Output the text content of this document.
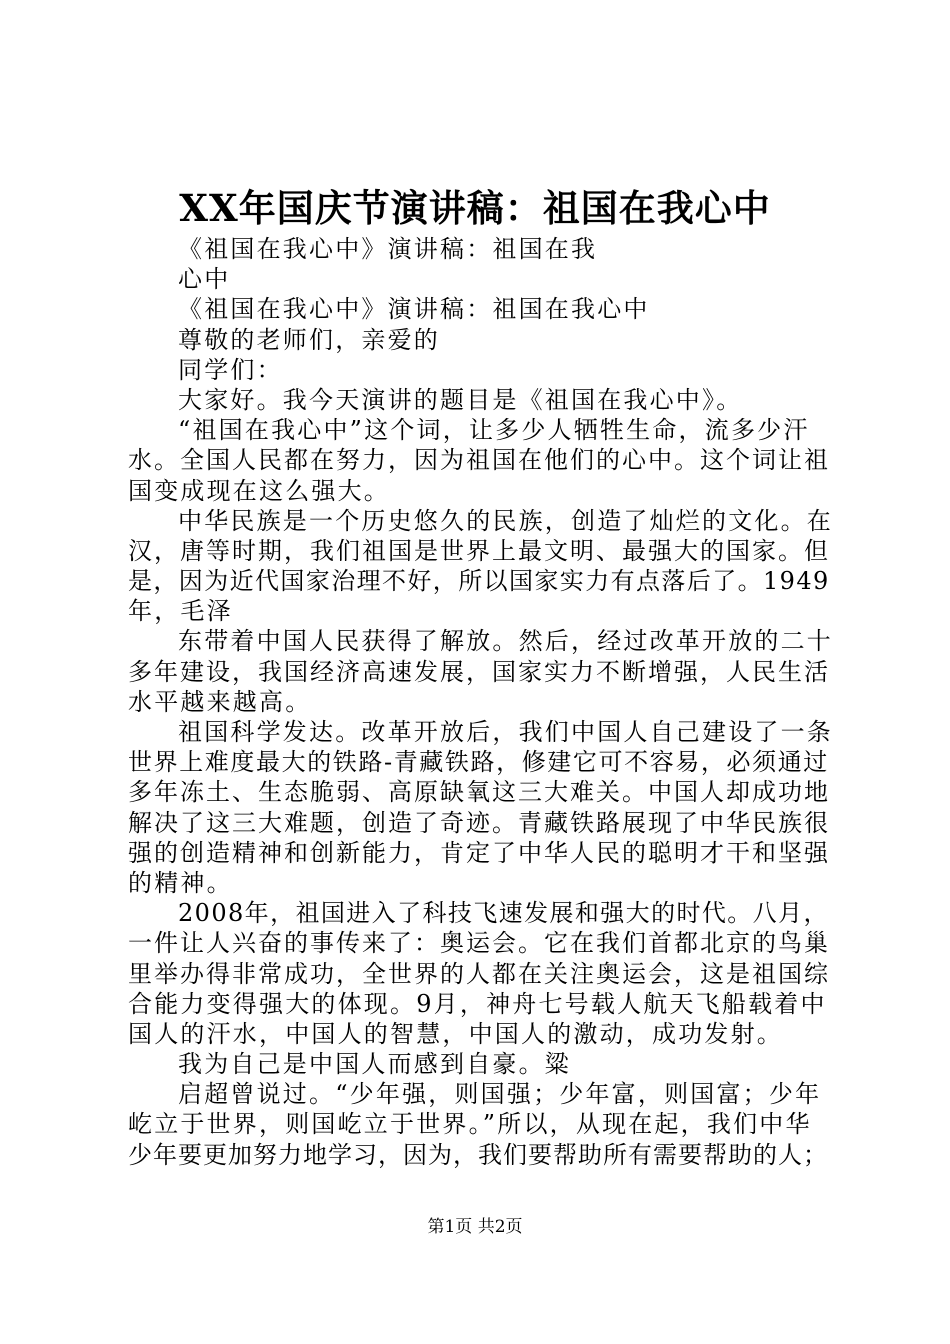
XX年国庆节演讲稿：祖国在我心中
《祖国在我心中》演讲稿：祖国在我
心中
《祖国在我心中》演讲稿：祖国在我心中
尊敬的老师们，亲爱的
同学们：
大家好。我今天演讲的题目是《祖国在我心中》。
“祖国在我心中”这个词，让多少人牺牲生命，流多少汗
水。全国人民都在努力，因为祖国在他们的心中。这个词让祖
国变成现在这么强大。
中华民族是一个历史悠久的民族，创造了灿烂的文化。在
汉，唐等时期，我们祖国是世界上最文明、最强大的国家。但
是，因为近代国家治理不好，所以国家实力有点落后了。1949
年，毛泽
东带着中国人民获得了解放。然后，经过改革开放的二十
多年建设，我国经济高速发展，国家实力不断增强，人民生活
水平越来越高。
祖国科学发达。改革开放后，我们中国人自己建设了一条
世界上难度最大的铁路-青藏铁路，修建它可不容易，必须通过
多年冻土、生态脆弱、高原缺氧这三大难关。中国人却成功地
解决了这三大难题，创造了奇迹。青藏铁路展现了中华民族很
强的创造精神和创新能力，肯定了中华人民的聪明才干和坚强
的精神。
2008年，祖国进入了科技飞速发展和强大的时代。八月，
一件让人兴奋的事传来了：奥运会。它在我们首都北京的鸟巢
里举办得非常成功，全世界的人都在关注奥运会，这是祖国综
合能力变得强大的体现。9月，神舟七号载人航天飞船载着中
国人的汗水，中国人的智慧，中国人的激动，成功发射。
我为自己是中国人而感到自豪。粱
启超曾说过。“少年强，则国强；少年富，则国富；少年
屹立于世界，则国屹立于世界。”所以，从现在起，我们中华
少年要更加努力地学习，因为，我们要帮助所有需要帮助的人；
第1页 共2页
